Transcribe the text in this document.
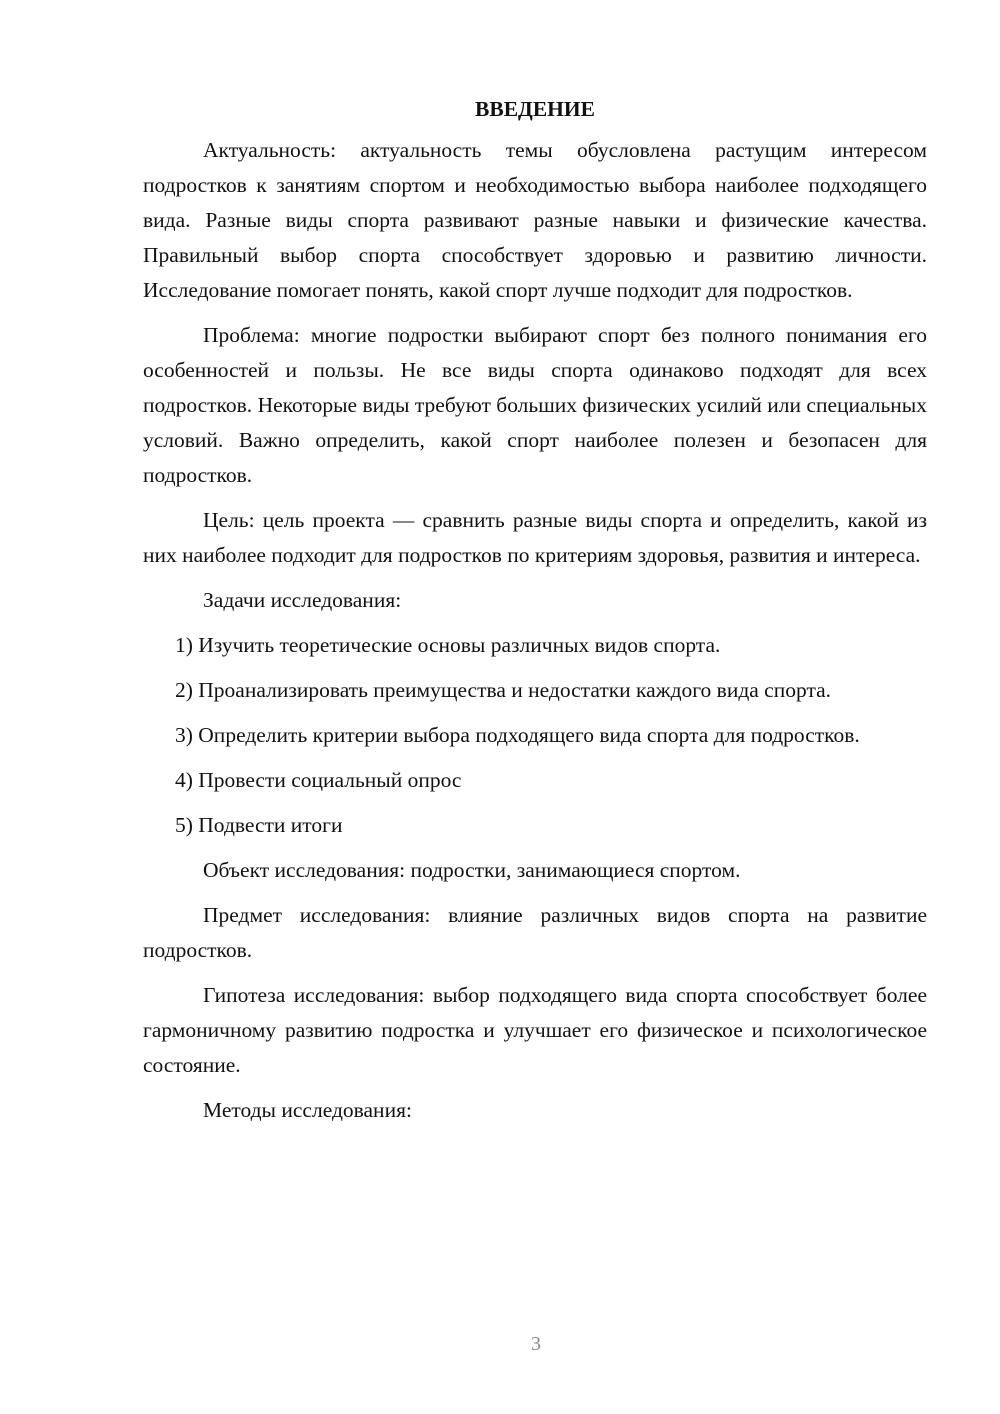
ВВЕДЕНИЕ

Актуальность: актуальность темы обусловлена растущим интересом подростков к занятиям спортом и необходимостью выбора наиболее подходящего вида. Разные виды спорта развивают разные навыки и физические качества. Правильный выбор спорта способствует здоровью и развитию личности. Исследование помогает понять, какой спорт лучше подходит для подростков.

Проблема: многие подростки выбирают спорт без полного понимания его особенностей и пользы. Не все виды спорта одинаково подходят для всех подростков. Некоторые виды требуют больших физических усилий или специальных условий. Важно определить, какой спорт наиболее полезен и безопасен для подростков.

Цель: цель проекта — сравнить разные виды спорта и определить, какой из них наиболее подходит для подростков по критериям здоровья, развития и интереса.

Задачи исследования:

1) Изучить теоретические основы различных видов спорта.

2) Проанализировать преимущества и недостатки каждого вида спорта.

3) Определить критерии выбора подходящего вида спорта для подростков.

4) Провести социальный опрос

5) Подвести итоги

Объект исследования: подростки, занимающиеся спортом.

Предмет исследования: влияние различных видов спорта на развитие подростков.

Гипотеза исследования: выбор подходящего вида спорта способствует более гармоничному развитию подростка и улучшает его физическое и психологическое состояние.

Методы исследования:

3
